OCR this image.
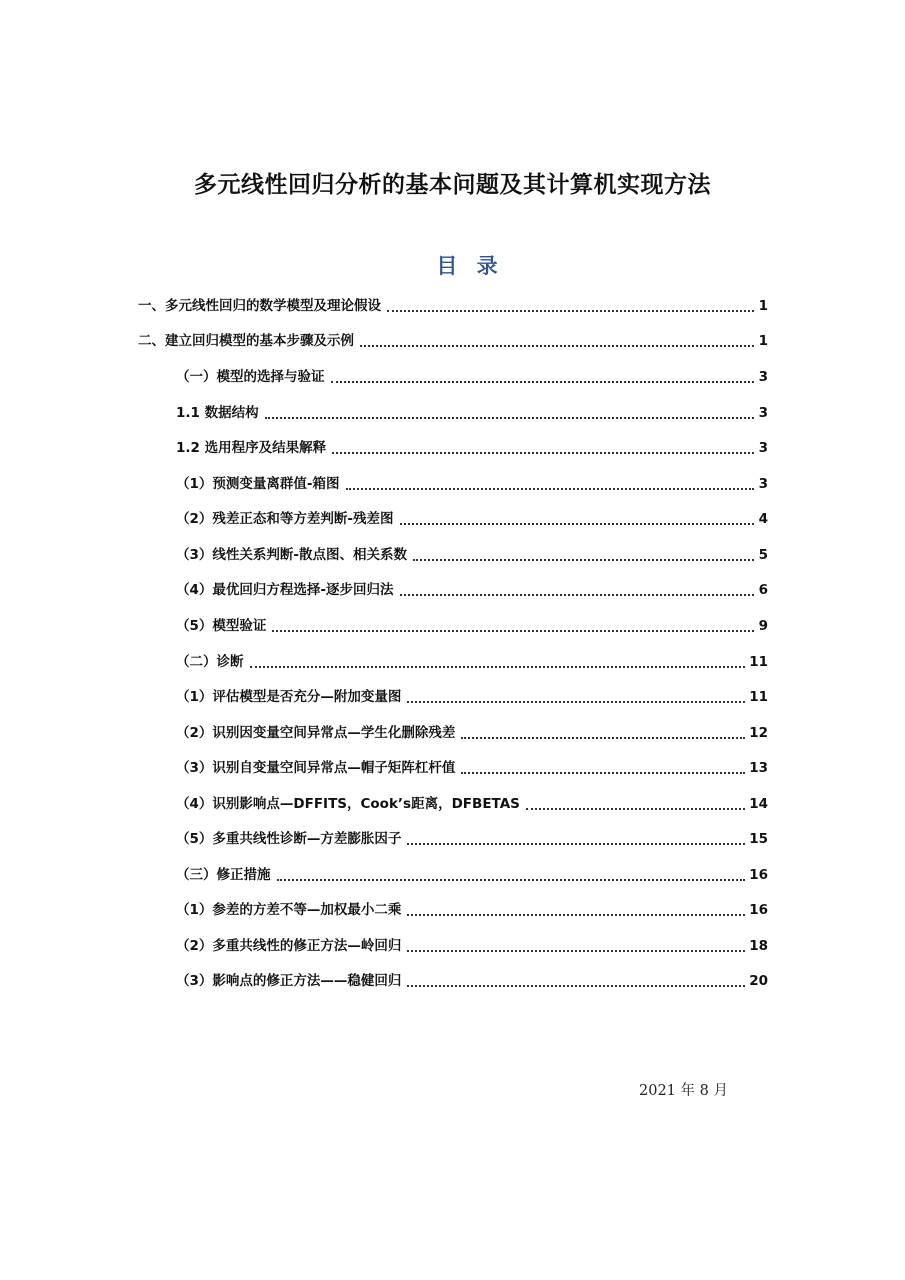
多元线性回归分析的基本问题及其计算机实现方法
目 录
一、多元线性回归的数学模型及理论假设	1
二、建立回归模型的基本步骤及示例	1
（一）模型的选择与验证	3
1.1 数据结构	3
1.2 选用程序及结果解释	3
（1）预测变量离群值-箱图	3
（2）残差正态和等方差判断-残差图	4
（3）线性关系判断-散点图、相关系数	5
（4）最优回归方程选择-逐步回归法	6
（5）模型验证	9
（二）诊断	11
（1）评估模型是否充分—附加变量图	11
（2）识别因变量空间异常点—学生化删除残差	12
（3）识别自变量空间异常点—帽子矩阵杠杆值	13
（4）识别影响点—DFFITS，Cook’s距离，DFBETAS	14
（5）多重共线性诊断—方差膨胀因子	15
（三）修正措施	16
（1）参差的方差不等—加权最小二乘	16
（2）多重共线性的修正方法—岭回归	18
（3）影响点的修正方法——稳健回归	20
2021 年 8 月
